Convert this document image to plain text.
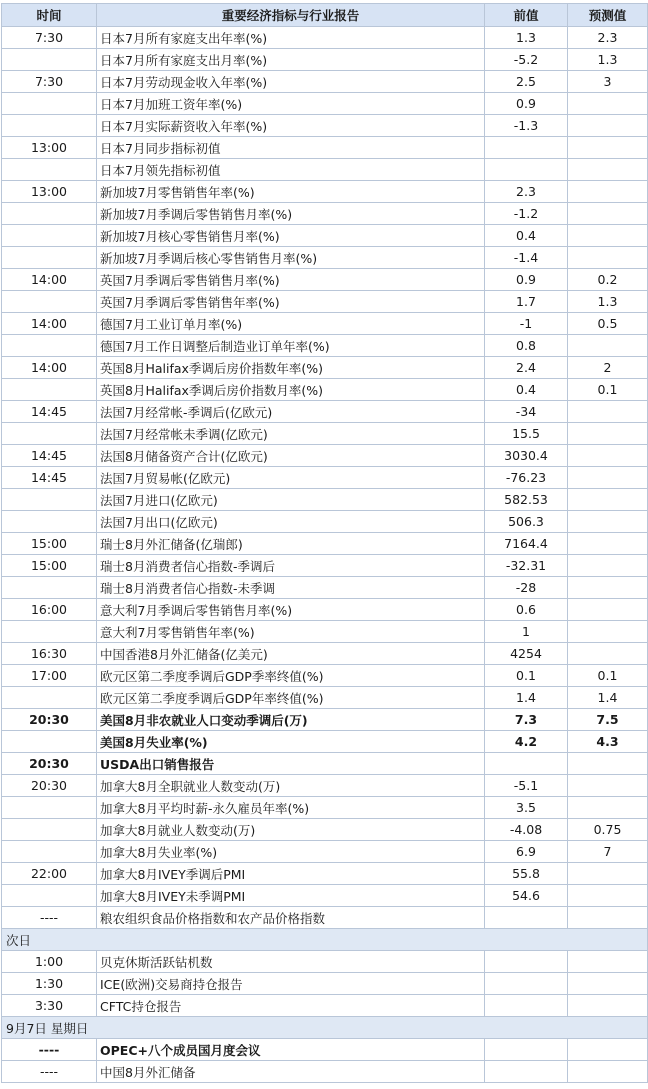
时间	重要经济指标与行业报告	前值	预测值
7:30	日本7月所有家庭支出年率(%)	1.3	2.3
	日本7月所有家庭支出月率(%)	-5.2	1.3
7:30	日本7月劳动现金收入年率(%)	2.5	3
	日本7月加班工资年率(%)	0.9	
	日本7月实际薪资收入年率(%)	-1.3	
13:00	日本7月同步指标初值		
	日本7月领先指标初值		
13:00	新加坡7月零售销售年率(%)	2.3	
	新加坡7月季调后零售销售月率(%)	-1.2	
	新加坡7月核心零售销售月率(%)	0.4	
	新加坡7月季调后核心零售销售月率(%)	-1.4	
14:00	英国7月季调后零售销售月率(%)	0.9	0.2
	英国7月季调后零售销售年率(%)	1.7	1.3
14:00	德国7月工业订单月率(%)	-1	0.5
	德国7月工作日调整后制造业订单年率(%)	0.8	
14:00	英国8月Halifax季调后房价指数年率(%)	2.4	2
	英国8月Halifax季调后房价指数月率(%)	0.4	0.1
14:45	法国7月经常帐-季调后(亿欧元)	-34	
	法国7月经常帐未季调(亿欧元)	15.5	
14:45	法国8月储备资产合计(亿欧元)	3030.4	
14:45	法国7月贸易帐(亿欧元)	-76.23	
	法国7月进口(亿欧元)	582.53	
	法国7月出口(亿欧元)	506.3	
15:00	瑞士8月外汇储备(亿瑞郎)	7164.4	
15:00	瑞士8月消费者信心指数-季调后	-32.31	
	瑞士8月消费者信心指数-未季调	-28	
16:00	意大利7月季调后零售销售月率(%)	0.6	
	意大利7月零售销售年率(%)	1	
16:30	中国香港8月外汇储备(亿美元)	4254	
17:00	欧元区第二季度季调后GDP季率终值(%)	0.1	0.1
	欧元区第二季度季调后GDP年率终值(%)	1.4	1.4
20:30	美国8月非农就业人口变动季调后(万)	7.3	7.5
	美国8月失业率(%)	4.2	4.3
20:30	USDA出口销售报告		
20:30	加拿大8月全职就业人数变动(万)	-5.1	
	加拿大8月平均时薪-永久雇员年率(%)	3.5	
	加拿大8月就业人数变动(万)	-4.08	0.75
	加拿大8月失业率(%)	6.9	7
22:00	加拿大8月IVEY季调后PMI	55.8	
	加拿大8月IVEY未季调PMI	54.6	
----	粮农组织食品价格指数和农产品价格指数		
次日			
1:00	贝克休斯活跃钻机数		
1:30	ICE(欧洲)交易商持仓报告		
3:30	CFTC持仓报告		
9月7日 星期日			
----	OPEC+八个成员国月度会议		
----	中国8月外汇储备		
